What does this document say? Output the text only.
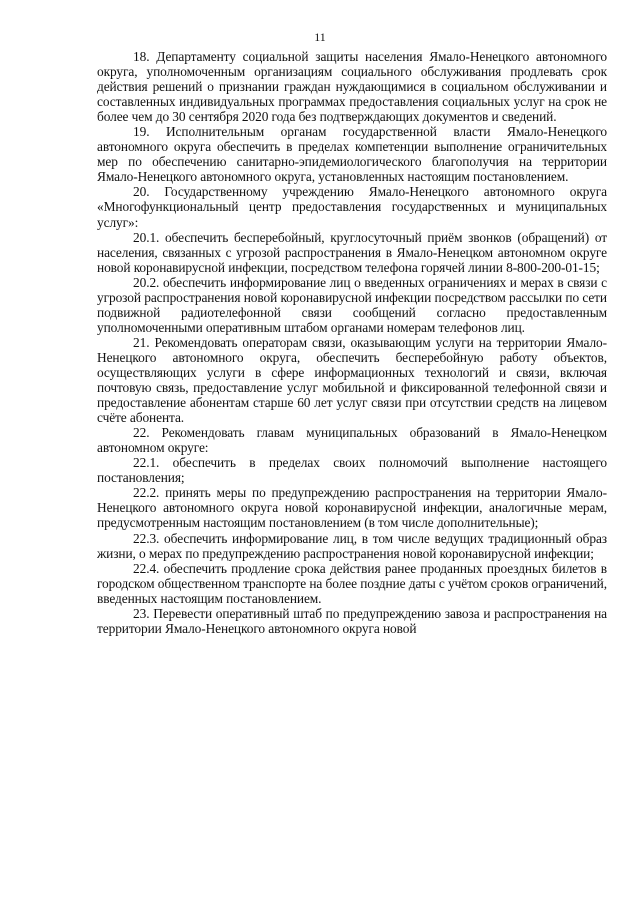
11

18. Департаменту социальной защиты населения Ямало-Ненецкого автономного округа, уполномоченным организациям социального обслуживания продлевать срок действия решений о признании граждан нуждающимися в социальном обслуживании и составленных индивидуальных программах предоставления социальных услуг на срок не более чем до 30 сентября 2020 года без подтверждающих документов и сведений.

19. Исполнительным органам государственной власти Ямало-Ненецкого автономного округа обеспечить в пределах компетенции выполнение ограничительных мер по обеспечению санитарно-эпидемиологического благополучия на территории Ямало-Ненецкого автономного округа, установленных настоящим постановлением.

20. Государственному учреждению Ямало-Ненецкого автономного округа «Многофункциональный центр предоставления государственных и муниципальных услуг»:

20.1. обеспечить бесперебойный, круглосуточный приём звонков (обращений) от населения, связанных с угрозой распространения в Ямало-Ненецком автономном округе новой коронавирусной инфекции, посредством телефона горячей линии 8-800-200-01-15;

20.2. обеспечить информирование лиц о введенных ограничениях и мерах в связи с угрозой распространения новой коронавирусной инфекции посредством рассылки по сети подвижной радиотелефонной связи сообщений согласно предоставленным уполномоченными оперативным штабом органами номерам телефонов лиц.

21. Рекомендовать операторам связи, оказывающим услуги на территории Ямало-Ненецкого автономного округа, обеспечить бесперебойную работу объектов, осуществляющих услуги в сфере информационных технологий и связи, включая почтовую связь, предоставление услуг мобильной и фиксированной телефонной связи и предоставление абонентам старше 60 лет услуг связи при отсутствии средств на лицевом счёте абонента.

22. Рекомендовать главам муниципальных образований в Ямало-Ненецком автономном округе:

22.1. обеспечить в пределах своих полномочий выполнение настоящего постановления;

22.2. принять меры по предупреждению распространения на территории Ямало-Ненецкого автономного округа новой коронавирусной инфекции, аналогичные мерам, предусмотренным настоящим постановлением (в том числе дополнительные);

22.3. обеспечить информирование лиц, в том числе ведущих традиционный образ жизни, о мерах по предупреждению распространения новой коронавирусной инфекции;

22.4. обеспечить продление срока действия ранее проданных проездных билетов в городском общественном транспорте на более поздние даты с учётом сроков ограничений, введенных настоящим постановлением.

23. Перевести оперативный штаб по предупреждению завоза и распространения на территории Ямало-Ненецкого автономного округа новой
